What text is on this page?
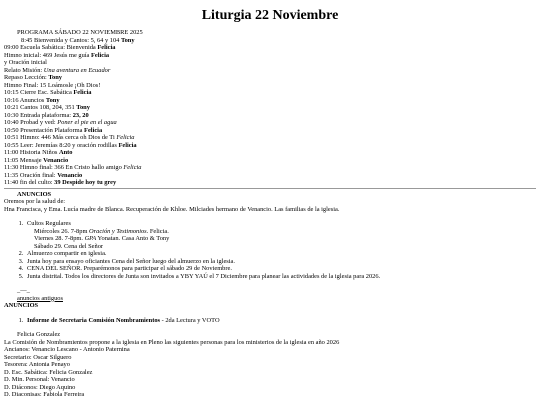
Liturgia 22 Noviembre
PROGRAMA SÁBADO 22 NOVIEMBRE 2025
8:45 Bienvenida y Cantos: 5, 64 y 104 Tony
09:00 Escuela Sabática: Bienvenida Felicia
Himno inicial: 469 Jesús me guía Felicia
y Oración inicial
Relato Misión: Una aventura en Ecuador
Repaso Lección: Tony
Himno Final: 15 Loámosle ¡Oh Dios!
10:15 Cierre Esc. Sabática Felicia
10:16 Anuncios Tony
10:21 Cantos 108, 204, 351 Tony
10:30 Entrada plataforma: 23, 20
10:40 Probad y ved: Poner el pie en el agua
10:50 Presentación Plataforma Felicia
10:51 Himno: 446 Más cerca oh Dios de Ti Felicia
10:55 Leer: Jeremías 8:20 y oración rodillas Felicia
11:00 Historia Niños Anto
11:05 Mensaje Venancio
11:30 Himno final: 366 En Cristo hallo amigo Felicia
11:35 Oración final: Venancio
11:40 fin del culto: 39 Despide hoy tu grey
ANUNCIOS
Oremos por la salud de:
Hna Francisca, y Ema. Lucía madre de Blanca. Recuperación de Khloe. Milciades hermano de Venancio. Las familias de la iglesia.
1. Cultos Regulares
Miércoles 26. 7-8pm Oración y Testimonios. Felicia.
Viernes 28. 7-8pm. GPA Yonatan. Casa Anto & Tony
Sábado 29. Cena del Señor
2. Almuerzo compartir en iglesia.
3. Junta hoy para ensayo oficiantes Cena del Señor luego del almuerzo en la iglesia.
4. CENA DEL SEÑOR. Preparémonos para participar el sábado 29 de Noviembre.
5. Junta distrital. Todos los directores de Junta son invitados a YBY YAÚ el 7 Diciembre para planear las actividades de la iglesia para 2026.
_—_
anuncios antiguos
ANUNCIOS
1. Informe de Secretaria Comisión Nombramientos - 2da Lectura y VOTO
Felicia Gonzalez
La Comisión de Nombramientos propone a la iglesia en Pleno las siguientes personas para los ministerios de la iglesia en año 2026
Ancianos: Venancio Lescano - Antonio Paternina
Secretario: Oscar Silguero
Tesorera: Antonia Penayo
D. Esc. Sabática: Felicia Gonzalez
D. Min. Personal: Venancio
D. Diáconos: Diego Aquino
D. Diaconisas: Fabiola Ferreira
